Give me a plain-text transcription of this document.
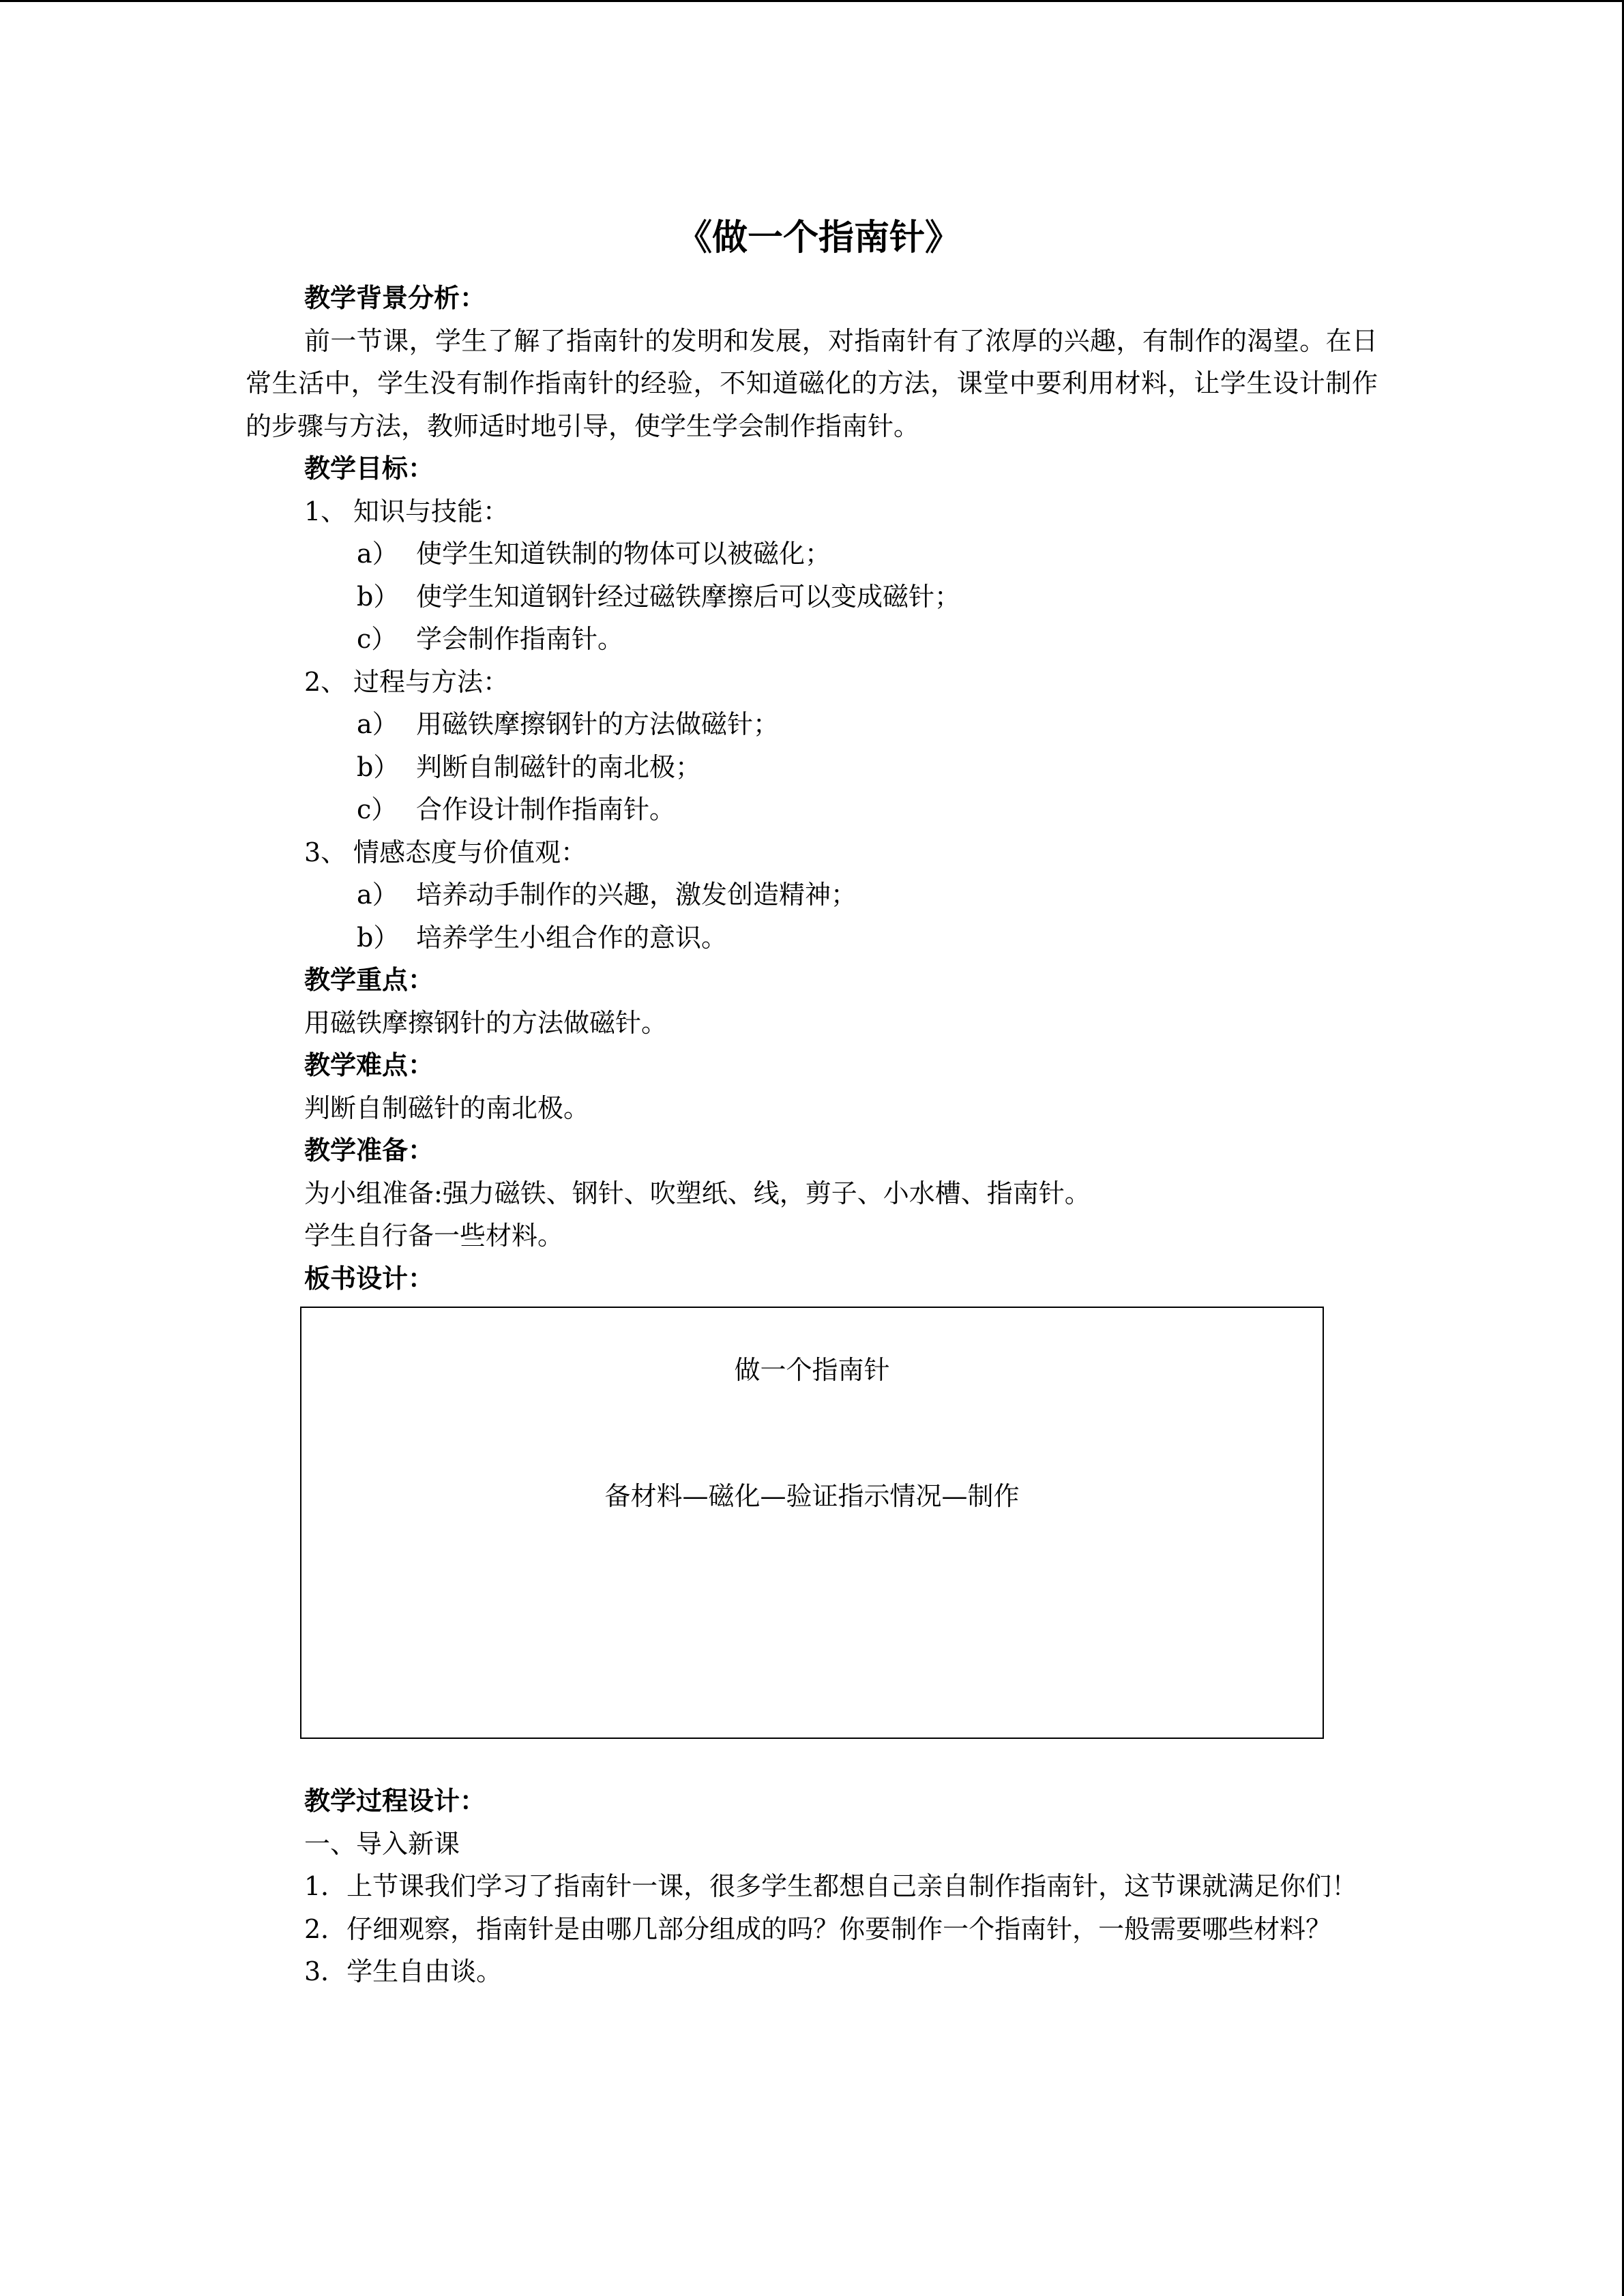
《做一个指南针》
教学背景分析：

前一节课，学生了解了指南针的发明和发展，对指南针有了浓厚的兴趣，有制作的渴望。在日常生活中，学生没有制作指南针的经验，不知道磁化的方法，课堂中要利用材料，让学生设计制作的步骤与方法，教师适时地引导，使学生学会制作指南针。

教学目标：
1、 知识与技能：
a） 使学生知道铁制的物体可以被磁化；
b） 使学生知道钢针经过磁铁摩擦后可以变成磁针；
c） 学会制作指南针。
2、 过程与方法：
a） 用磁铁摩擦钢针的方法做磁针；
b） 判断自制磁针的南北极；
c） 合作设计制作指南针。
3、 情感态度与价值观：
a） 培养动手制作的兴趣，激发创造精神；
b） 培养学生小组合作的意识。
教学重点：
用磁铁摩擦钢针的方法做磁针。
教学难点：
判断自制磁针的南北极。
教学准备：
为小组准备:强力磁铁、钢针、吹塑纸、线，剪子、小水槽、指南针。
学生自行备一些材料。
板书设计：
做一个指南针
备材料—磁化—验证指示情况—制作
教学过程设计：
一、导入新课

1．上节课我们学习了指南针一课，很多学生都想自己亲自制作指南针，这节课就满足你们！

2．仔细观察，指南针是由哪几部分组成的吗？你要制作一个指南针，一般需要哪些材料？

3．学生自由谈。
